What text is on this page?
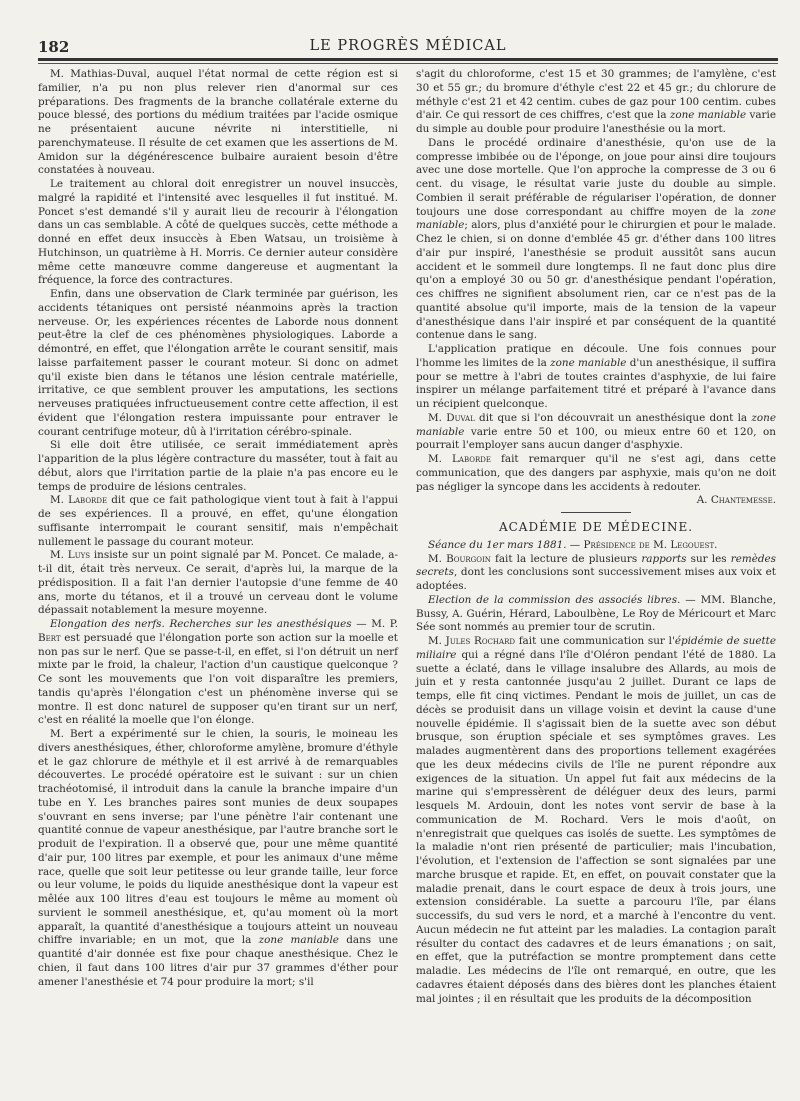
182	LE PROGRÈS MÉDICAL

M. Mathias-Duval, auquel l'état normal de cette région est si familier, n'a pu non plus relever rien d'anormal sur ces préparations. Des fragments de la branche collatérale externe du pouce blessé, des portions du médium traitées par l'acide osmique ne présentaient aucune névrite ni interstitielle, ni parenchymateuse. Il résulte de cet examen que les assertions de M. Amidon sur la dégénérescence bulbaire auraient besoin d'être constatées à nouveau.

Le traitement au chloral doit enregistrer un nouvel insuccès, malgré la rapidité et l'intensité avec lesquelles il fut institué. M. Poncet s'est demandé s'il y aurait lieu de recourir à l'élongation dans un cas semblable. A côté de quelques succès, cette méthode a donné en effet deux insuccès à Eben Watsau, un troisième à Hutchinson, un quatrième à H. Morris. Ce dernier auteur considère même cette manœuvre comme dangereuse et augmentant la fréquence, la force des contractures.

Enfin, dans une observation de Clark terminée par guérison, les accidents tétaniques ont persisté néanmoins après la traction nerveuse. Or, les expériences récentes de Laborde nous donnent peut-être la clef de ces phénomènes physiologiques. Laborde a démontré, en effet, que l'élongation arrête le courant sensitif, mais laisse parfaitement passer le courant moteur. Si donc on admet qu'il existe bien dans le tétanos une lésion centrale matérielle, irritative, ce que semblent prouver les amputations, les sections nerveuses pratiquées infructueusement contre cette affection, il est évident que l'élongation restera impuissante pour entraver le courant centrifuge moteur, dû à l'irritation cérébro-spinale.

Si elle doit être utilisée, ce serait immédiatement après l'apparition de la plus légère contracture du masséter, tout à fait au début, alors que l'irritation partie de la plaie n'a pas encore eu le temps de produire de lésions centrales.

M. Laborde dit que ce fait pathologique vient tout à fait à l'appui de ses expériences. Il a prouvé, en effet, qu'une élongation suffisante interrompait le courant sensitif, mais n'empêchait nullement le passage du courant moteur.

M. Luys insiste sur un point signalé par M. Poncet. Ce malade, a-t-il dit, était très nerveux. Ce serait, d'après lui, la marque de la prédisposition. Il a fait l'an dernier l'autopsie d'une femme de 40 ans, morte du tétanos, et il a trouvé un cerveau dont le volume dépassait notablement la mesure moyenne.

Elongation des nerfs. Recherches sur les anesthésiques — M. P. Bert est persuadé que l'élongation porte son action sur la moelle et non pas sur le nerf. Que se passe-t-il, en effet, si l'on détruit un nerf mixte par le froid, la chaleur, l'action d'un caustique quelconque ? Ce sont les mouvements que l'on voit disparaître les premiers, tandis qu'après l'élongation c'est un phénomène inverse qui se montre. Il est donc naturel de supposer qu'en tirant sur un nerf, c'est en réalité la moelle que l'on élonge.

M. Bert a expérimenté sur le chien, la souris, le moineau les divers anesthésiques, éther, chloroforme amylène, bromure d'éthyle et le gaz chlorure de méthyle et il est arrivé à de remarquables découvertes. Le procédé opératoire est le suivant : sur un chien trachéotomisé, il introduit dans la canule la branche impaire d'un tube en Y. Les branches paires sont munies de deux soupapes s'ouvrant en sens inverse; par l'une pénètre l'air contenant une quantité connue de vapeur anesthésique, par l'autre branche sort le produit de l'expiration. Il a observé que, pour une même quantité d'air pur, 100 litres par exemple, et pour les animaux d'une même race, quelle que soit leur petitesse ou leur grande taille, leur force ou leur volume, le poids du liquide anesthésique dont la vapeur est mêlée aux 100 litres d'eau est toujours le même au moment où survient le sommeil anesthésique, et, qu'au moment où la mort apparaît, la quantité d'anesthésique a toujours atteint un nouveau chiffre invariable; en un mot, que la zone maniable dans une quantité d'air donnée est fixe pour chaque anesthésique. Chez le chien, il faut dans 100 litres d'air pur 37 grammes d'éther pour amener l'anesthésie et 74 pour produire la mort; s'il

s'agit du chloroforme, c'est 15 et 30 grammes; de l'amylène, c'est 30 et 55 gr.; du bromure d'éthyle c'est 22 et 45 gr.; du chlorure de méthyle c'est 21 et 42 centim. cubes de gaz pour 100 centim. cubes d'air. Ce qui ressort de ces chiffres, c'est que la zone maniable varie du simple au double pour produire l'anesthésie ou la mort.

Dans le procédé ordinaire d'anesthésie, qu'on use de la compresse imbibée ou de l'éponge, on joue pour ainsi dire toujours avec une dose mortelle. Que l'on approche la compresse de 3 ou 6 cent. du visage, le résultat varie juste du double au simple. Combien il serait préférable de régulariser l'opération, de donner toujours une dose correspondant au chiffre moyen de la zone maniable; alors, plus d'anxiété pour le chirurgien et pour le malade. Chez le chien, si on donne d'emblée 45 gr. d'éther dans 100 litres d'air pur inspiré, l'anesthésie se produit aussitôt sans aucun accident et le sommeil dure longtemps. Il ne faut donc plus dire qu'on a employé 30 ou 50 gr. d'anesthésique pendant l'opération, ces chiffres ne signifient absolument rien, car ce n'est pas de la quantité absolue qu'il importe, mais de la tension de la vapeur d'anesthésique dans l'air inspiré et par conséquent de la quantité contenue dans le sang.

L'application pratique en découle. Une fois connues pour l'homme les limites de la zone maniable d'un anesthésique, il suffira pour se mettre à l'abri de toutes craintes d'asphyxie, de lui faire inspirer un mélange parfaitement titré et préparé à l'avance dans un récipient quelconque.

M. Duval dit que si l'on découvrait un anesthésique dont la zone maniable varie entre 50 et 100, ou mieux entre 60 et 120, on pourrait l'employer sans aucun danger d'asphyxie.

M. Laborde fait remarquer qu'il ne s'est agi, dans cette communication, que des dangers par asphyxie, mais qu'on ne doit pas négliger la syncope dans les accidents à redouter.

A. Chantemesse.

ACADÉMIE DE MÉDECINE.

Séance du 1er mars 1881. — Présidence de M. Legouest.

M. Bourgoin fait la lecture de plusieurs rapports sur les remèdes secrets, dont les conclusions sont successivement mises aux voix et adoptées.

Election de la commission des associés libres. — MM. Blanche, Bussy, A. Guérin, Hérard, Laboulbène, Le Roy de Méricourt et Marc Sée sont nommés au premier tour de scrutin.

M. Jules Rochard fait une communication sur l'épidémie de suette miliaire qui a régné dans l'île d'Oléron pendant l'été de 1880. La suette a éclaté, dans le village insalubre des Allards, au mois de juin et y resta cantonnée jusqu'au 2 juillet. Durant ce laps de temps, elle fit cinq victimes. Pendant le mois de juillet, un cas de décès se produisit dans un village voisin et devint la cause d'une nouvelle épidémie. Il s'agissait bien de la suette avec son début brusque, son éruption spéciale et ses symptômes graves. Les malades augmentèrent dans des proportions tellement exagérées que les deux médecins civils de l'île ne purent répondre aux exigences de la situation. Un appel fut fait aux médecins de la marine qui s'empressèrent de déléguer deux des leurs, parmi lesquels M. Ardouin, dont les notes vont servir de base à la communication de M. Rochard. Vers le mois d'août, on n'enregistrait que quelques cas isolés de suette. Les symptômes de la maladie n'ont rien présenté de particulier; mais l'incubation, l'évolution, et l'extension de l'affection se sont signalées par une marche brusque et rapide. Et, en effet, on pouvait constater que la maladie prenait, dans le court espace de deux à trois jours, une extension considérable. La suette a parcouru l'île, par élans successifs, du sud vers le nord, et a marché à l'encontre du vent. Aucun médecin ne fut atteint par les maladies. La contagion paraît résulter du contact des cadavres et de leurs émanations ; on sait, en effet, que la putréfaction se montre promptement dans cette maladie. Les médecins de l'île ont remarqué, en outre, que les cadavres étaient déposés dans des bières dont les planches étaient mal jointes ; il en résultait que les produits de la décomposition
